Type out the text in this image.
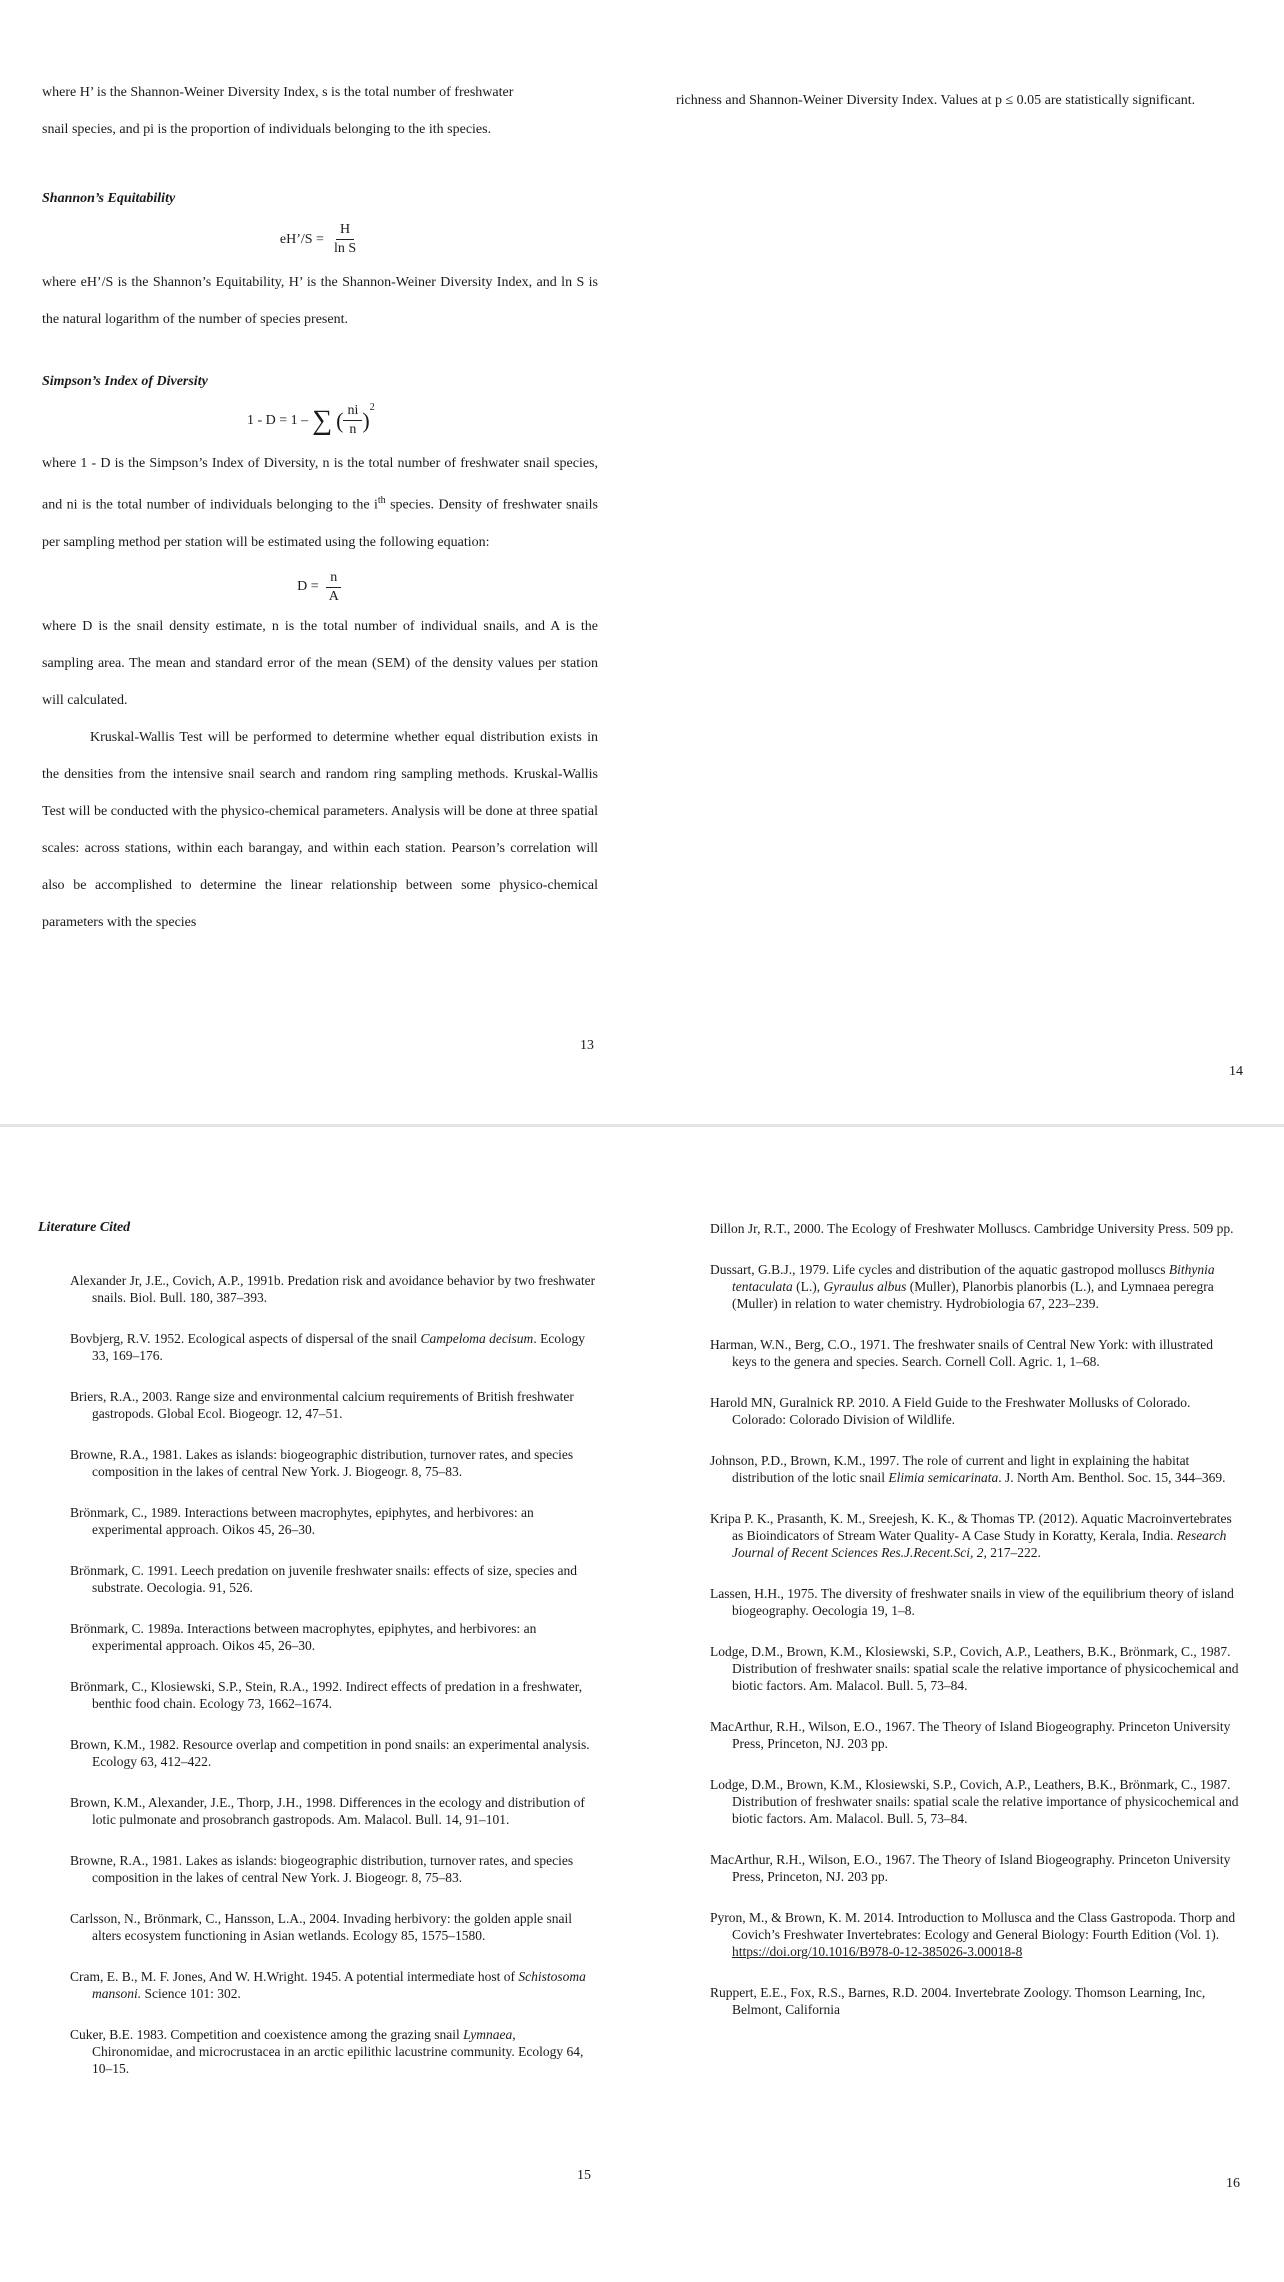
where H’ is the Shannon-Weiner Diversity Index, s is the total number of freshwater

snail species, and pi is the proportion of individuals belonging to the ith species.

Shannon’s Equitability

eH’/S = $\frac{H}{\text{ln S}}$

where eH’/S is the Shannon’s Equitability, H’ is the Shannon-Weiner Diversity Index, and ln S is the natural logarithm of the number of species present.

Simpson’s Index of Diversity

1 - D = 1 – ∑ ( $\frac{ni}{n}$ ) 2

where 1 - D is the Simpson’s Index of Diversity, n is the total number of freshwater snail species, and ni is the total number of individuals belonging to the $i^{th}$ species. Density of freshwater snails per sampling method per station will be estimated using the following equation:

$D = \frac{n}{A}$

where D is the snail density estimate, n is the total number of individual snails, and A is the sampling area. The mean and standard error of the mean (SEM) of the density values per station will calculated.

Kruskal-Wallis Test will be performed to determine whether equal distribution exists in the densities from the intensive snail search and random ring sampling methods. Kruskal-Wallis Test will be conducted with the physico-chemical parameters. Analysis will be done at three spatial scales: across stations, within each barangay, and within each station. Pearson’s correlation will also be accomplished to determine the linear relationship between some physico-chemical parameters with the species

13

richness and Shannon-Weiner Diversity Index. Values at p ≤ 0.05 are statistically significant.

14

Literature Cited

Alexander Jr, J.E., Covich, A.P., 1991b. Predation risk and avoidance behavior by two freshwater snails. Biol. Bull. 180, 387–393.

Bovbjerg, R.V. 1952. Ecological aspects of dispersal of the snail Campeloma decisum. Ecology 33, 169–176.

Briers, R.A., 2003. Range size and environmental calcium requirements of British freshwater gastropods. Global Ecol. Biogeogr. 12, 47–51.

Browne, R.A., 1981. Lakes as islands: biogeographic distribution, turnover rates, and species composition in the lakes of central New York. J. Biogeogr. 8, 75–83.

Brönmark, C., 1989. Interactions between macrophytes, epiphytes, and herbivores: an experimental approach. Oikos 45, 26–30.

Brönmark, C. 1991. Leech predation on juvenile freshwater snails: effects of size, species and substrate. Oecologia. 91, 526.

Brönmark, C. 1989a. Interactions between macrophytes, epiphytes, and herbivores: an experimental approach. Oikos 45, 26–30.

Brönmark, C., Klosiewski, S.P., Stein, R.A., 1992. Indirect effects of predation in a freshwater, benthic food chain. Ecology 73, 1662–1674.

Brown, K.M., 1982. Resource overlap and competition in pond snails: an experimental analysis. Ecology 63, 412–422.

Brown, K.M., Alexander, J.E., Thorp, J.H., 1998. Differences in the ecology and distribution of lotic pulmonate and prosobranch gastropods. Am. Malacol. Bull. 14, 91–101.

Browne, R.A., 1981. Lakes as islands: biogeographic distribution, turnover rates, and species composition in the lakes of central New York. J. Biogeogr. 8, 75–83.

Carlsson, N., Brönmark, C., Hansson, L.A., 2004. Invading herbivory: the golden apple snail alters ecosystem functioning in Asian wetlands. Ecology 85, 1575–1580.

Cram, E. B., M. F. Jones, And W. H.Wright. 1945. A potential intermediate host of Schistosoma mansoni. Science 101: 302.

Cuker, B.E. 1983. Competition and coexistence among the grazing snail Lymnaea, Chironomidae, and microcrustacea in an arctic epilithic lacustrine community. Ecology 64, 10–15.

15

Dillon Jr, R.T., 2000. The Ecology of Freshwater Molluscs. Cambridge University Press. 509 pp.

Dussart, G.B.J., 1979. Life cycles and distribution of the aquatic gastropod molluscs Bithynia tentaculata (L.), Gyraulus albus (Muller), Planorbis planorbis (L.), and Lymnaea peregra (Muller) in relation to water chemistry. Hydrobiologia 67, 223–239.

Harman, W.N., Berg, C.O., 1971. The freshwater snails of Central New York: with illustrated keys to the genera and species. Search. Cornell Coll. Agric. 1, 1–68.

Harold MN, Guralnick RP. 2010. A Field Guide to the Freshwater Mollusks of Colorado. Colorado: Colorado Division of Wildlife.

Johnson, P.D., Brown, K.M., 1997. The role of current and light in explaining the habitat distribution of the lotic snail Elimia semicarinata. J. North Am. Benthol. Soc. 15, 344–369.

Kripa P. K., Prasanth, K. M., Sreejesh, K. K., & Thomas TP. (2012). Aquatic Macroinvertebrates as Bioindicators of Stream Water Quality- A Case Study in Koratty, Kerala, India. Research Journal of Recent Sciences Res.J.Recent.Sci, 2, 217–222.

Lassen, H.H., 1975. The diversity of freshwater snails in view of the equilibrium theory of island biogeography. Oecologia 19, 1–8.

Lodge, D.M., Brown, K.M., Klosiewski, S.P., Covich, A.P., Leathers, B.K., Brönmark, C., 1987. Distribution of freshwater snails: spatial scale the relative importance of physicochemical and biotic factors. Am. Malacol. Bull. 5, 73–84.

MacArthur, R.H., Wilson, E.O., 1967. The Theory of Island Biogeography. Princeton University Press, Princeton, NJ. 203 pp.

Lodge, D.M., Brown, K.M., Klosiewski, S.P., Covich, A.P., Leathers, B.K., Brönmark, C., 1987. Distribution of freshwater snails: spatial scale the relative importance of physicochemical and biotic factors. Am. Malacol. Bull. 5, 73–84.

MacArthur, R.H., Wilson, E.O., 1967. The Theory of Island Biogeography. Princeton University Press, Princeton, NJ. 203 pp.

Pyron, M., & Brown, K. M. 2014. Introduction to Mollusca and the Class Gastropoda. Thorp and Covich’s Freshwater Invertebrates: Ecology and General Biology: Fourth Edition (Vol. 1). https://doi.org/10.1016/B978-0-12-385026-3.00018-8

Ruppert, E.E., Fox, R.S., Barnes, R.D. 2004. Invertebrate Zoology. Thomson Learning, Inc, Belmont, California

16
